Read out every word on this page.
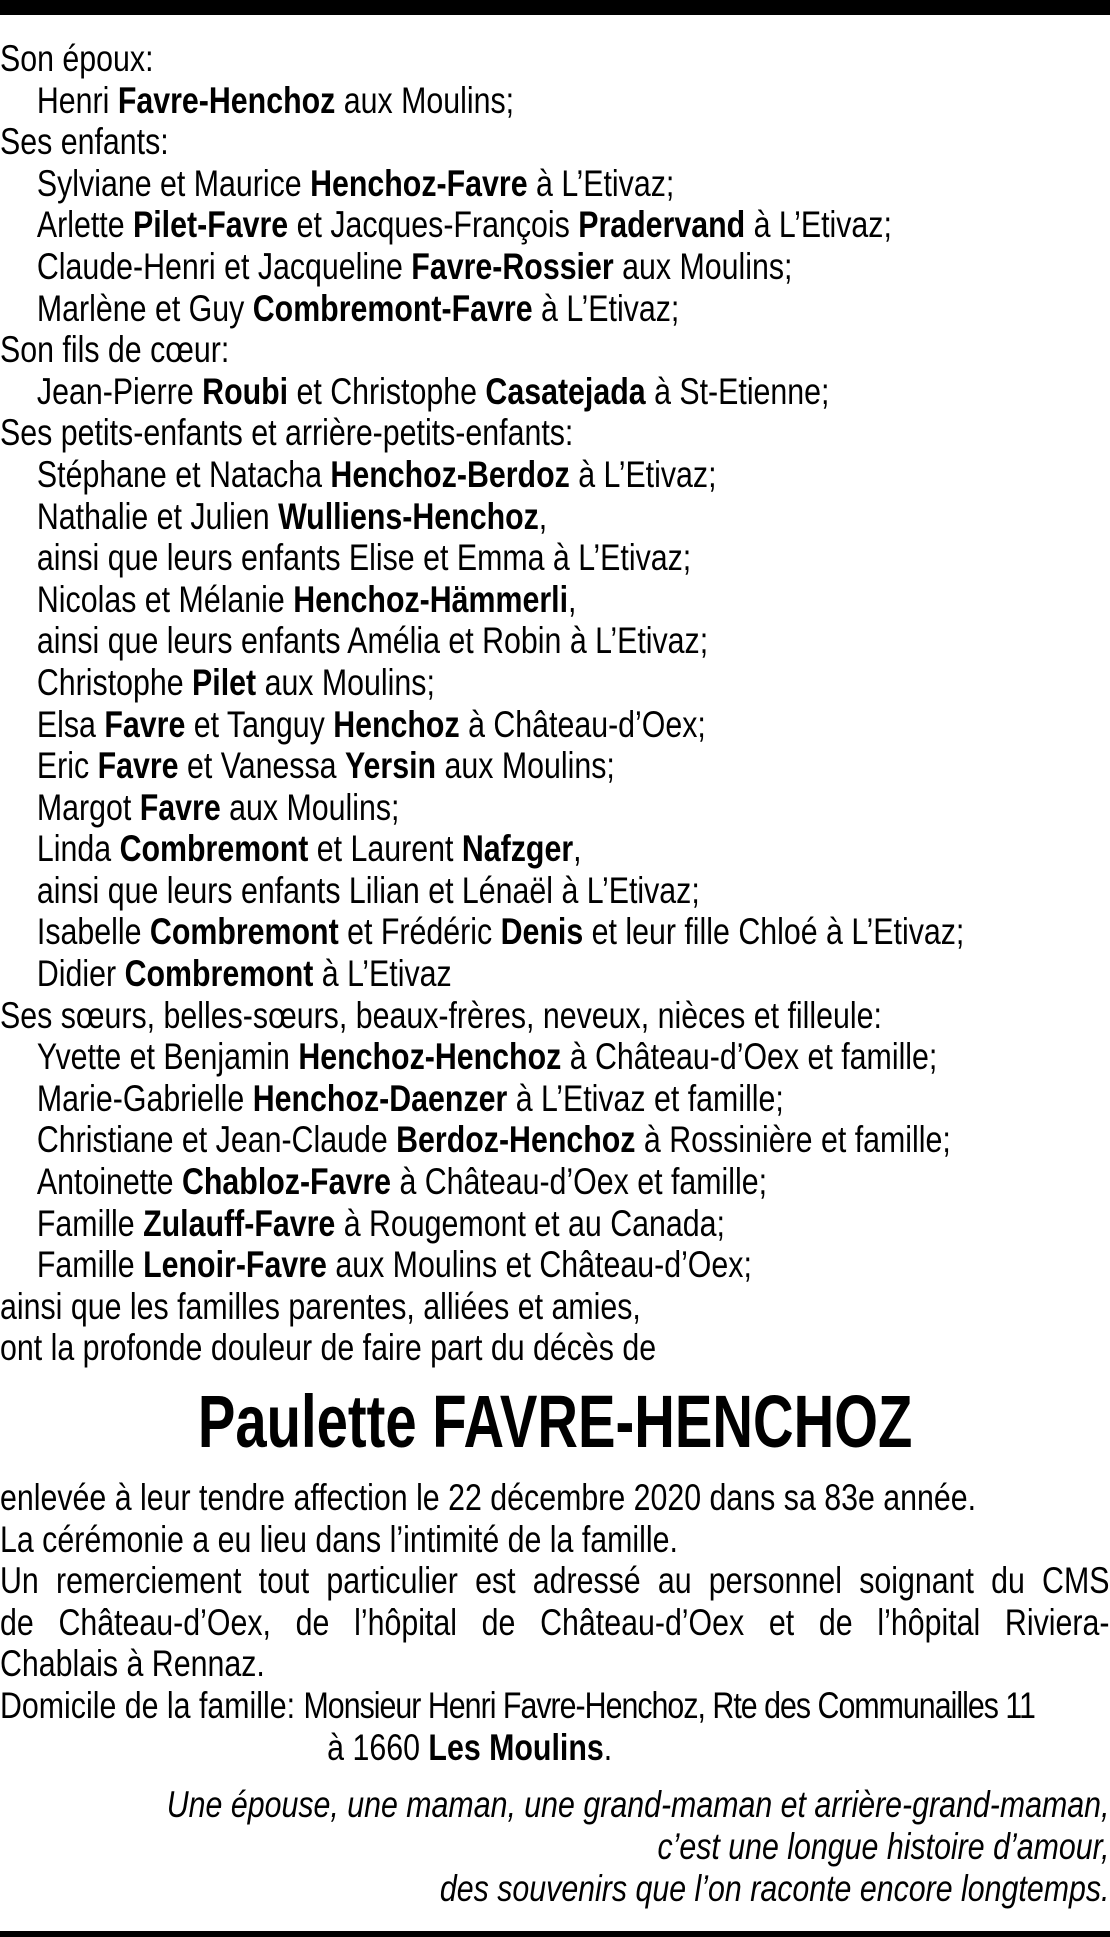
Son époux:
Henri Favre-Henchoz aux Moulins;
Ses enfants:
Sylviane et Maurice Henchoz-Favre à L’Etivaz;
Arlette Pilet-Favre et Jacques-François Pradervand à L’Etivaz;
Claude-Henri et Jacqueline Favre-Rossier aux Moulins;
Marlène et Guy Combremont-Favre à L’Etivaz;
Son fils de cœur:
Jean-Pierre Roubi et Christophe Casatejada à St-Etienne;
Ses petits-enfants et arrière-petits-enfants:
Stéphane et Natacha Henchoz-Berdoz à L’Etivaz;
Nathalie et Julien Wulliens-Henchoz,
ainsi que leurs enfants Elise et Emma à L’Etivaz;
Nicolas et Mélanie Henchoz-Hämmerli,
ainsi que leurs enfants Amélia et Robin à L’Etivaz;
Christophe Pilet aux Moulins;
Elsa Favre et Tanguy Henchoz à Château-d’Oex;
Eric Favre et Vanessa Yersin aux Moulins;
Margot Favre aux Moulins;
Linda Combremont et Laurent Nafzger,
ainsi que leurs enfants Lilian et Lénaël à L’Etivaz;
Isabelle Combremont et Frédéric Denis et leur fille Chloé à L’Etivaz;
Didier Combremont à L’Etivaz
Ses sœurs, belles-sœurs, beaux-frères, neveux, nièces et filleule:
Yvette et Benjamin Henchoz-Henchoz à Château-d’Oex et famille;
Marie-Gabrielle Henchoz-Daenzer à L’Etivaz et famille;
Christiane et Jean-Claude Berdoz-Henchoz à Rossinière et famille;
Antoinette Chabloz-Favre à Château-d’Oex et famille;
Famille Zulauff-Favre à Rougemont et au Canada;
Famille Lenoir-Favre aux Moulins et Château-d’Oex;
ainsi que les familles parentes, alliées et amies,
ont la profonde douleur de faire part du décès de
Paulette FAVRE-HENCHOZ
enlevée à leur tendre affection le 22 décembre 2020 dans sa 83e année.
La cérémonie a eu lieu dans l’intimité de la famille.
Un remerciement tout particulier est adressé au personnel soignant du CMS
de Château-d’Oex, de l’hôpital de Château-d’Oex et de l’hôpital Riviera-
Chablais à Rennaz.
Domicile de la famille: Monsieur Henri Favre-Henchoz, Rte des Communailles 11
à 1660 Les Moulins.
Une épouse, une maman, une grand-maman et arrière-grand-maman,
c’est une longue histoire d’amour,
des souvenirs que l’on raconte encore longtemps.
